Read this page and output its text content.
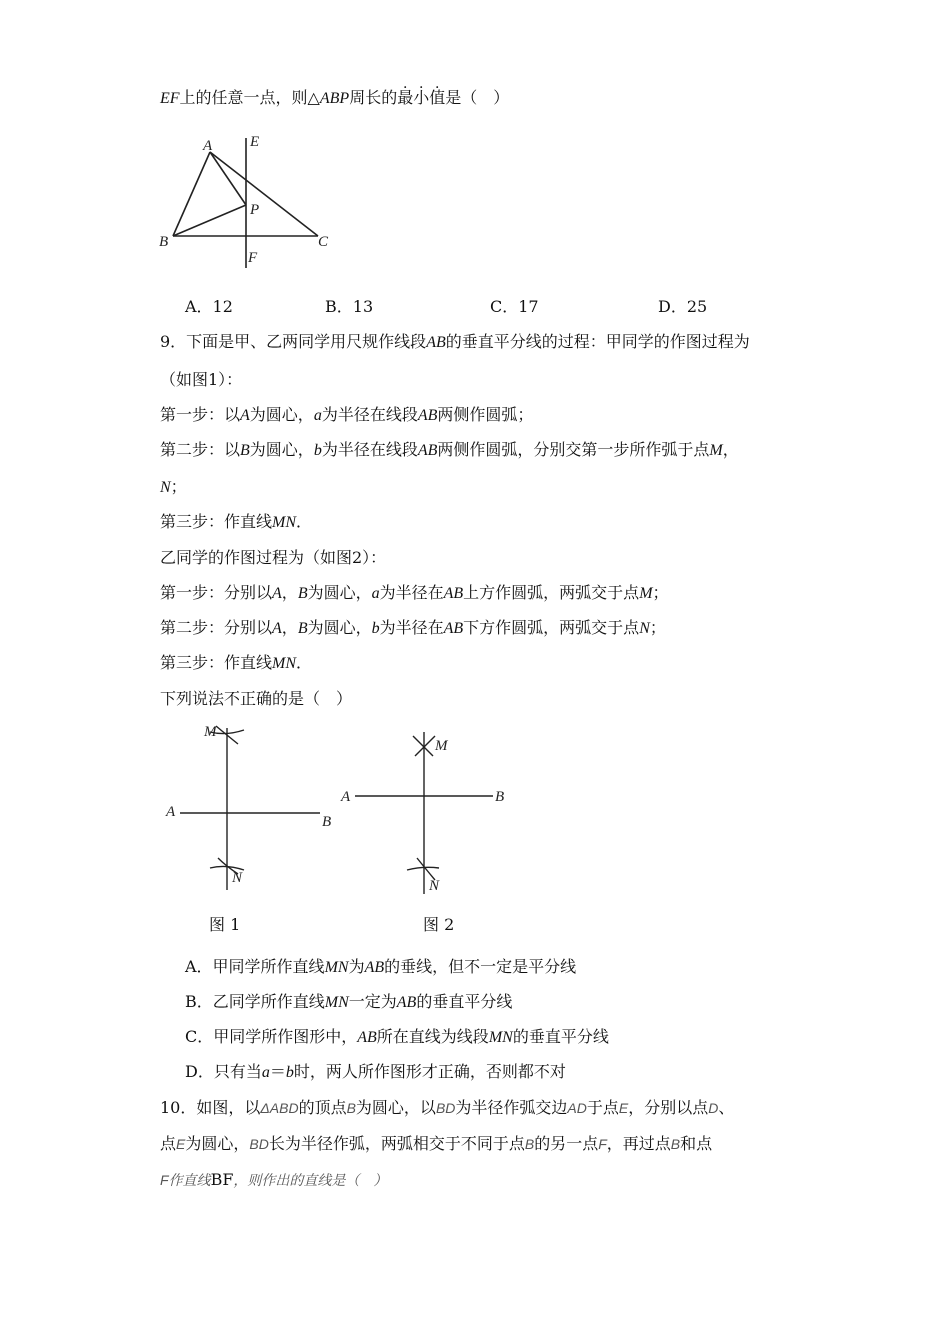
EF上的任意一点，则△ABP周长的最小值是（　）
A	E
P
B	C
F
A．12	B．13	C．17	D．25
9．下面是甲、乙两同学用尺规作线段AB的垂直平分线的过程：甲同学的作图过程为
（如图1）：
第一步：以A为圆心，a为半径在线段AB两侧作圆弧；
第二步：以B为圆心，b为半径在线段AB两侧作圆弧，分别交第一步所作弧于点M，
N；
第三步：作直线MN．
乙同学的作图过程为（如图2）：
第一步：分别以A，B为圆心，a为半径在AB上方作圆弧，两弧交于点M；
第二步：分别以A，B为圆心，b为半径在AB下方作圆弧，两弧交于点N；
第三步：作直线MN．
下列说法不正确的是（　）
M
A
B
N
M
A	B
N
图 1	图 2
A．甲同学所作直线MN为AB的垂线，但不一定是平分线
B．乙同学所作直线MN一定为AB的垂直平分线
C．甲同学所作图形中，AB所在直线为线段MN的垂直平分线
D．只有当a＝b时，两人所作图形才正确，否则都不对
10．如图，以ΔABD的顶点B为圆心，以BD为半径作弧交边AD于点E，分别以点D、
点E为圆心，BD长为半径作弧，两弧相交于不同于点B的另一点F，再过点B和点
F作直线BF，则作出的直线是（　）
